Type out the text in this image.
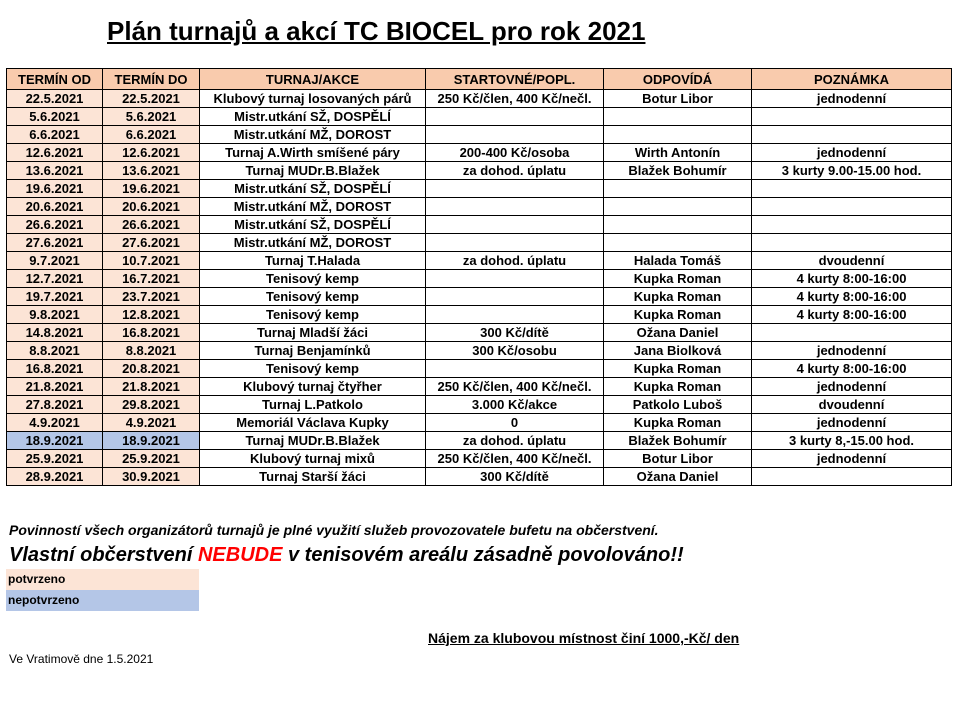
Plán turnajů a akcí TC BIOCEL pro rok 2021
TERMÍN OD	TERMÍN DO	TURNAJ/AKCE	STARTOVNÉ/POPL.	ODPOVÍDÁ	POZNÁMKA
22.5.2021	22.5.2021	Klubový turnaj losovaných párů	250 Kč/člen, 400 Kč/nečl.	Botur Libor	jednodenní
5.6.2021	5.6.2021	Mistr.utkání SŽ, DOSPĚLÍ			
6.6.2021	6.6.2021	Mistr.utkání MŽ, DOROST			
12.6.2021	12.6.2021	Turnaj A.Wirth smíšené páry	200-400 Kč/osoba	Wirth Antonín	jednodenní
13.6.2021	13.6.2021	Turnaj MUDr.B.Blažek	za dohod. úplatu	Blažek Bohumír	3 kurty 9.00-15.00 hod.
19.6.2021	19.6.2021	Mistr.utkání SŽ, DOSPĚLÍ			
20.6.2021	20.6.2021	Mistr.utkání MŽ, DOROST			
26.6.2021	26.6.2021	Mistr.utkání SŽ, DOSPĚLÍ			
27.6.2021	27.6.2021	Mistr.utkání MŽ, DOROST			
9.7.2021	10.7.2021	Turnaj T.Halada	za dohod. úplatu	Halada Tomáš	dvoudenní
12.7.2021	16.7.2021	Tenisový kemp		Kupka Roman	4 kurty 8:00-16:00
19.7.2021	23.7.2021	Tenisový kemp		Kupka Roman	4 kurty 8:00-16:00
9.8.2021	12.8.2021	Tenisový kemp		Kupka Roman	4 kurty 8:00-16:00
14.8.2021	16.8.2021	Turnaj Mladší žáci	300 Kč/dítě	Ožana Daniel	
8.8.2021	8.8.2021	Turnaj Benjamínků	300 Kč/osobu	Jana Biolková	jednodenní
16.8.2021	20.8.2021	Tenisový kemp		Kupka Roman	4 kurty 8:00-16:00
21.8.2021	21.8.2021	Klubový turnaj čtyřher	250 Kč/člen, 400 Kč/nečl.	Kupka Roman	jednodenní
27.8.2021	29.8.2021	Turnaj L.Patkolo	3.000 Kč/akce	Patkolo Luboš	dvoudenní
4.9.2021	4.9.2021	Memoriál Václava Kupky	0	Kupka Roman	jednodenní
18.9.2021	18.9.2021	Turnaj MUDr.B.Blažek	za dohod. úplatu	Blažek Bohumír	3 kurty 8,-15.00 hod.
25.9.2021	25.9.2021	Klubový turnaj mixů	250 Kč/člen, 400 Kč/nečl.	Botur Libor	jednodenní
28.9.2021	30.9.2021	Turnaj Starší žáci	300 Kč/dítě	Ožana Daniel	
Povinností všech organizátorů turnajů je plné využití služeb provozovatele bufetu na občerstvení.
Vlastní občerstvení NEBUDE v tenisovém areálu zásadně povolováno!!
potvrzeno
nepotvrzeno
Nájem za klubovou místnost činí 1000,-Kč/ den
Ve Vratimově dne 1.5.2021
